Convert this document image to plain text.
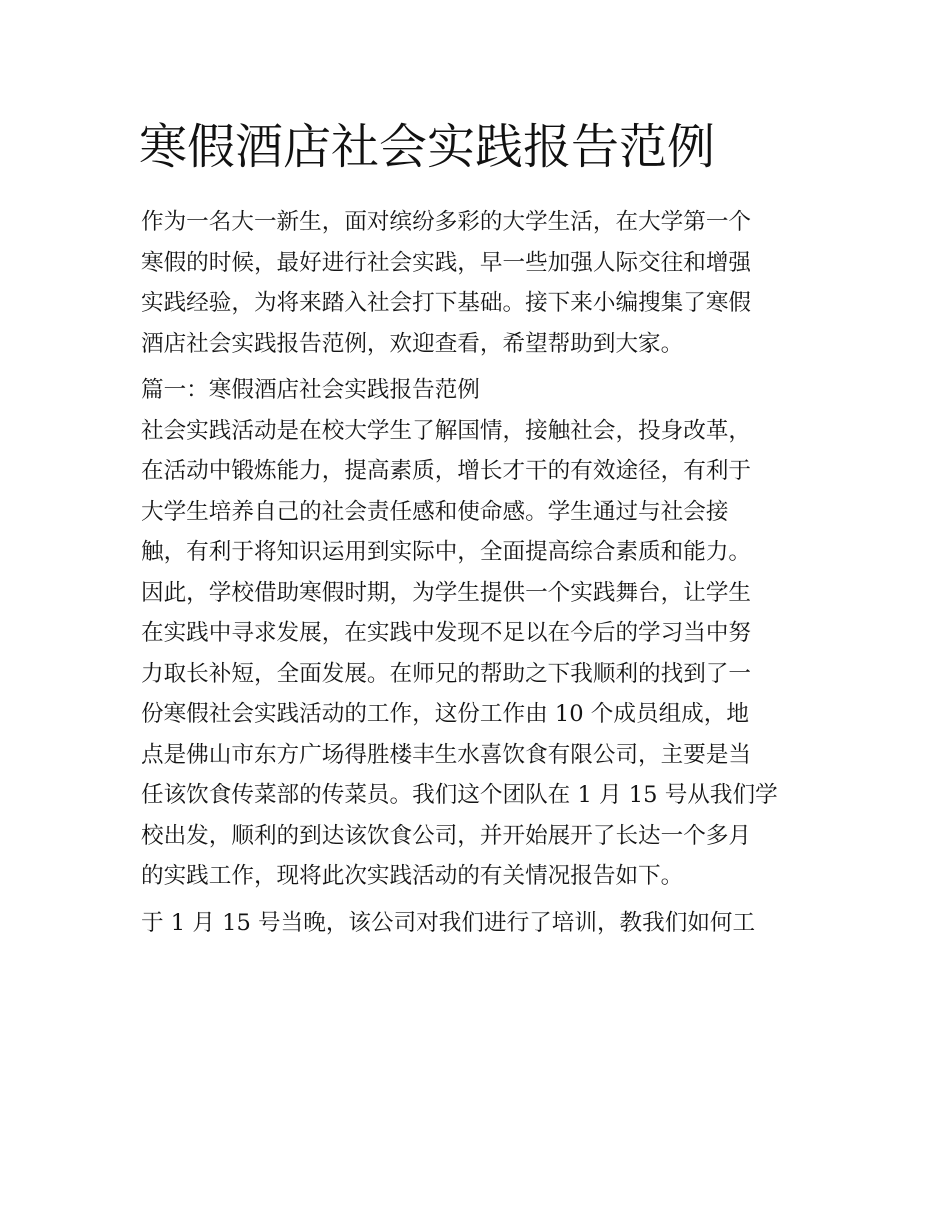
寒假酒店社会实践报告范例
作为一名大一新生，面对缤纷多彩的大学生活，在大学第一个
寒假的时候，最好进行社会实践，早一些加强人际交往和增强
实践经验，为将来踏入社会打下基础。接下来小编搜集了寒假
酒店社会实践报告范例，欢迎查看，希望帮助到大家。
篇一：寒假酒店社会实践报告范例
社会实践活动是在校大学生了解国情，接触社会，投身改革，
在活动中锻炼能力，提高素质，增长才干的有效途径，有利于
大学生培养自己的社会责任感和使命感。学生通过与社会接
触，有利于将知识运用到实际中，全面提高综合素质和能力。
因此，学校借助寒假时期，为学生提供一个实践舞台，让学生
在实践中寻求发展，在实践中发现不足以在今后的学习当中努
力取长补短，全面发展。在师兄的帮助之下我顺利的找到了一
份寒假社会实践活动的工作，这份工作由 10 个成员组成，地
点是佛山市东方广场得胜楼丰生水喜饮食有限公司，主要是当
任该饮食传菜部的传菜员。我们这个团队在 1 月 15 号从我们学
校出发，顺利的到达该饮食公司，并开始展开了长达一个多月
的实践工作，现将此次实践活动的有关情况报告如下。
于 1 月 15 号当晚，该公司对我们进行了培训，教我们如何工
